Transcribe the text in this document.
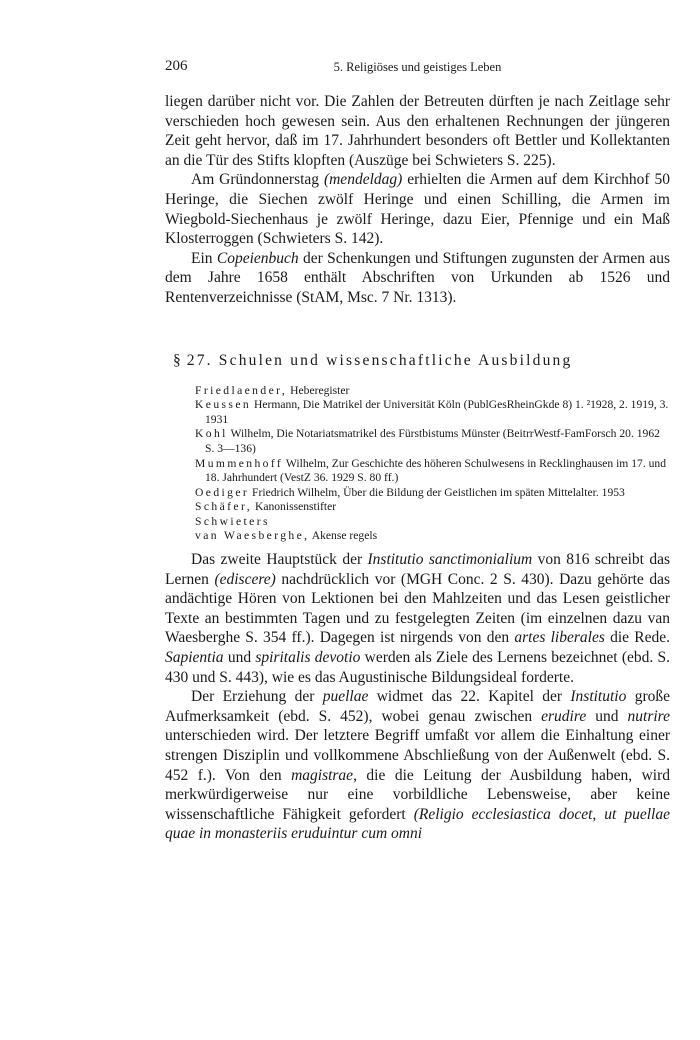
206	5. Religiöses und geistiges Leben

liegen darüber nicht vor. Die Zahlen der Betreuten dürften je nach Zeitlage sehr verschieden hoch gewesen sein. Aus den erhaltenen Rechnungen der jüngeren Zeit geht hervor, daß im 17. Jahrhundert besonders oft Bettler und Kollektanten an die Tür des Stifts klopften (Auszüge bei Schwieters S. 225).

Am Gründonnerstag (mendeldag) erhielten die Armen auf dem Kirchhof 50 Heringe, die Siechen zwölf Heringe und einen Schilling, die Armen im Wiegbold-Siechenhaus je zwölf Heringe, dazu Eier, Pfennige und ein Maß Klosterroggen (Schwieters S. 142).

Ein Copeienbuch der Schenkungen und Stiftungen zugunsten der Armen aus dem Jahre 1658 enthält Abschriften von Urkunden ab 1526 und Rentenverzeichnisse (StAM, Msc. 7 Nr. 1313).

§ 27. Schulen und wissenschaftliche Ausbildung
Friedlaender, Heberegister
Keussen Hermann, Die Matrikel der Universität Köln (PublGesRheinGkde 8) 1. ²1928, 2. 1919, 3. 1931
Kohl Wilhelm, Die Notariatsmatrikel des Fürstbistums Münster (BeitrrWestf-FamForsch 20. 1962 S. 3—136)
Mummenhoff Wilhelm, Zur Geschichte des höheren Schulwesens in Recklinghausen im 17. und 18. Jahrhundert (VestZ 36. 1929 S. 80 ff.)
Oediger Friedrich Wilhelm, Über die Bildung der Geistlichen im späten Mittelalter. 1953
Schäfer, Kanonissenstifter
Schwieters
van Waesberghe, Akense regels

Das zweite Hauptstück der Institutio sanctimonialium von 816 schreibt das Lernen (ediscere) nachdrücklich vor (MGH Conc. 2 S. 430). Dazu gehörte das andächtige Hören von Lektionen bei den Mahlzeiten und das Lesen geistlicher Texte an bestimmten Tagen und zu festgelegten Zeiten (im einzelnen dazu van Waesberghe S. 354 ff.). Dagegen ist nirgends von den artes liberales die Rede. Sapientia und spiritalis devotio werden als Ziele des Lernens bezeichnet (ebd. S. 430 und S. 443), wie es das Augustinische Bildungsideal forderte.

Der Erziehung der puellae widmet das 22. Kapitel der Institutio große Aufmerksamkeit (ebd. S. 452), wobei genau zwischen erudire und nutrire unterschieden wird. Der letztere Begriff umfaßt vor allem die Einhaltung einer strengen Disziplin und vollkommene Abschließung von der Außenwelt (ebd. S. 452 f.). Von den magistrae, die die Leitung der Ausbildung haben, wird merkwürdigerweise nur eine vorbildliche Lebensweise, aber keine wissenschaftliche Fähigkeit gefordert (Religio ecclesiastica docet, ut puellae quae in monasteriis eruduintur cum omni
